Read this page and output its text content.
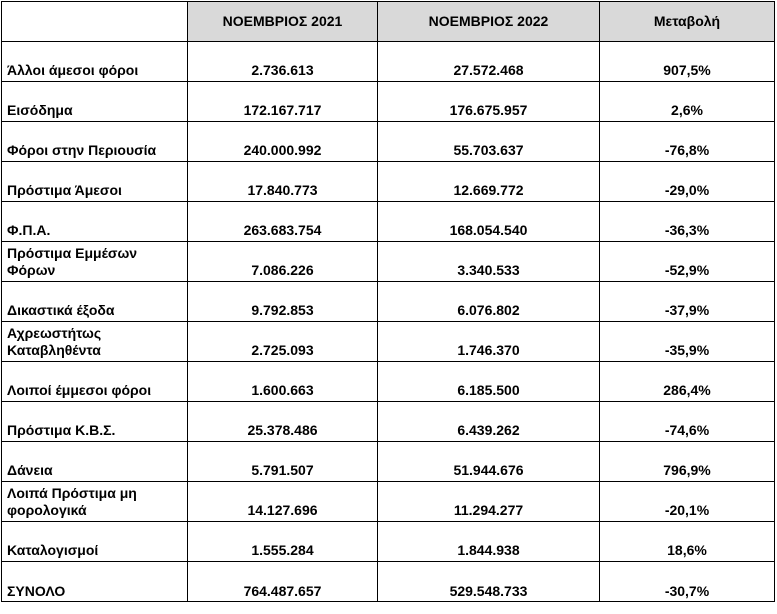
	ΝΟΕΜΒΡΙΟΣ 2021	ΝΟΕΜΒΡΙΟΣ 2022	Μεταβολή
Άλλοι άμεσοι φόροι	2.736.613	27.572.468	907,5%
Εισόδημα	172.167.717	176.675.957	2,6%
Φόροι στην Περιουσία	240.000.992	55.703.637	-76,8%
Πρόστιμα Άμεσοι	17.840.773	12.669.772	-29,0%
Φ.Π.Α.	263.683.754	168.054.540	-36,3%
Πρόστιμα Εμμέσων Φόρων	7.086.226	3.340.533	-52,9%
Δικαστικά έξοδα	9.792.853	6.076.802	-37,9%
Αχρεωστήτως Καταβληθέντα	2.725.093	1.746.370	-35,9%
Λοιποί έμμεσοι φόροι	1.600.663	6.185.500	286,4%
Πρόστιμα Κ.Β.Σ.	25.378.486	6.439.262	-74,6%
Δάνεια	5.791.507	51.944.676	796,9%
Λοιπά Πρόστιμα μη φορολογικά	14.127.696	11.294.277	-20,1%
Καταλογισμοί	1.555.284	1.844.938	18,6%
ΣΥΝΟΛΟ	764.487.657	529.548.733	-30,7%
